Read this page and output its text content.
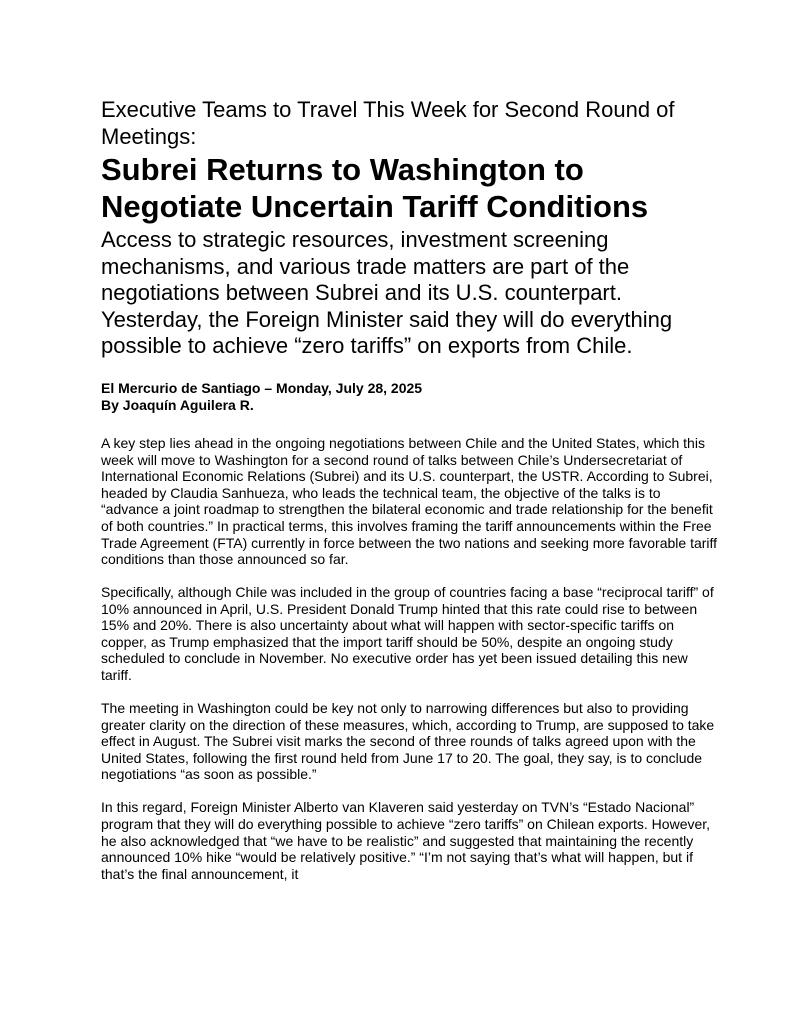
Executive Teams to Travel This Week for Second Round of Meetings:
Subrei Returns to Washington to Negotiate Uncertain Tariff Conditions
Access to strategic resources, investment screening mechanisms, and various trade matters are part of the negotiations between Subrei and its U.S. counterpart. Yesterday, the Foreign Minister said they will do everything possible to achieve “zero tariffs” on exports from Chile.
El Mercurio de Santiago – Monday, July 28, 2025
By Joaquín Aguilera R.

A key step lies ahead in the ongoing negotiations between Chile and the United States, which this week will move to Washington for a second round of talks between Chile’s Undersecretariat of International Economic Relations (Subrei) and its U.S. counterpart, the USTR. According to Subrei, headed by Claudia Sanhueza, who leads the technical team, the objective of the talks is to “advance a joint roadmap to strengthen the bilateral economic and trade relationship for the benefit of both countries.” In practical terms, this involves framing the tariff announcements within the Free Trade Agreement (FTA) currently in force between the two nations and seeking more favorable tariff conditions than those announced so far.

Specifically, although Chile was included in the group of countries facing a base “reciprocal tariff” of 10% announced in April, U.S. President Donald Trump hinted that this rate could rise to between 15% and 20%. There is also uncertainty about what will happen with sector-specific tariffs on copper, as Trump emphasized that the import tariff should be 50%, despite an ongoing study scheduled to conclude in November. No executive order has yet been issued detailing this new tariff.

The meeting in Washington could be key not only to narrowing differences but also to providing greater clarity on the direction of these measures, which, according to Trump, are supposed to take effect in August. The Subrei visit marks the second of three rounds of talks agreed upon with the United States, following the first round held from June 17 to 20. The goal, they say, is to conclude negotiations “as soon as possible.”

In this regard, Foreign Minister Alberto van Klaveren said yesterday on TVN’s “Estado Nacional” program that they will do everything possible to achieve “zero tariffs” on Chilean exports. However, he also acknowledged that “we have to be realistic” and suggested that maintaining the recently announced 10% hike “would be relatively positive.” “I’m not saying that’s what will happen, but if that’s the final announcement, it
